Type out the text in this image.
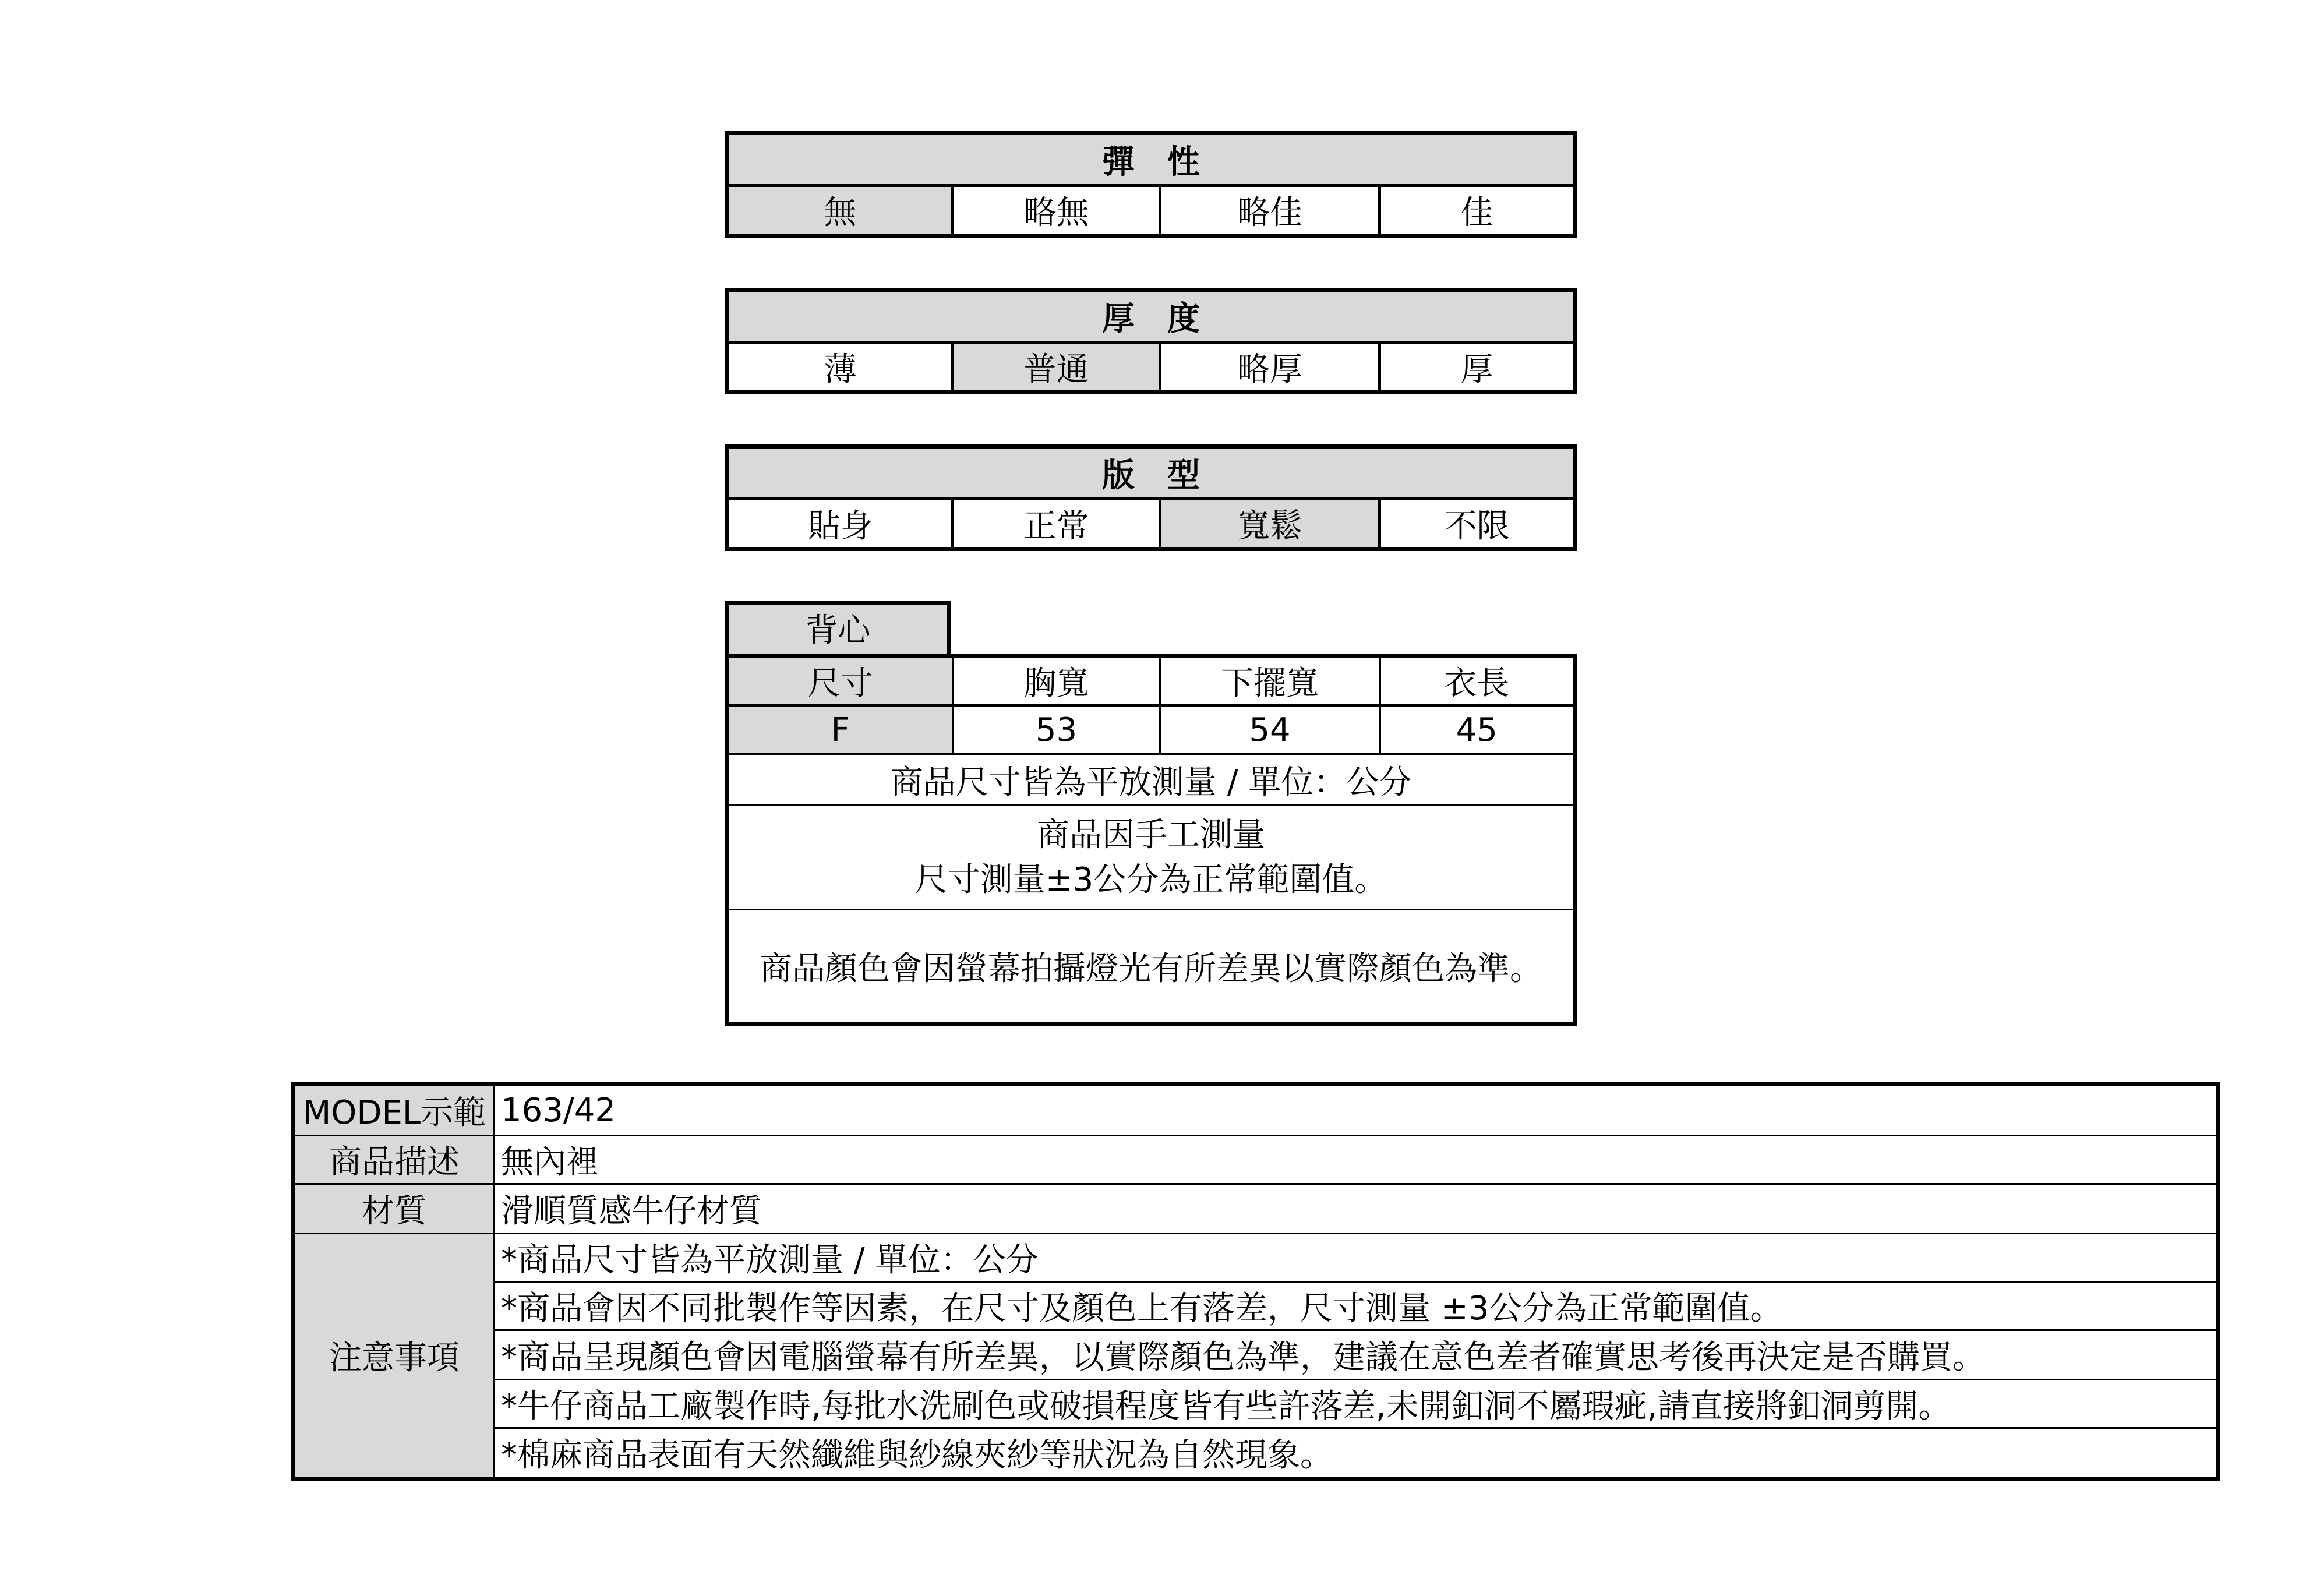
彈　性
無	略無	略佳	佳
厚　度
薄	普通	略厚	厚
版　型
貼身	正常	寬鬆	不限
背心
尺寸	胸寬	下擺寬	衣長
F	53	54	45
商品尺寸皆為平放測量 / 單位：公分			

商品因手工測量
尺寸測量±3公分為正常範圍值。			

商品顏色會因螢幕拍攝燈光有所差異以實際顏色為準。			
MODEL示範	163/42
商品描述	無內裡
材質	滑順質感牛仔材質
注意事項	*商品尺寸皆為平放測量 / 單位：公分
	*商品會因不同批製作等因素，在尺寸及顏色上有落差，尺寸測量 ±3公分為正常範圍值。
	*商品呈現顏色會因電腦螢幕有所差異，以實際顏色為準，建議在意色差者確實思考後再決定是否購買。
	*牛仔商品工廠製作時,每批水洗刷色或破損程度皆有些許落差,未開釦洞不屬瑕疵,請直接將釦洞剪開。
	*棉麻商品表面有天然纖維與紗線夾紗等狀況為自然現象。
